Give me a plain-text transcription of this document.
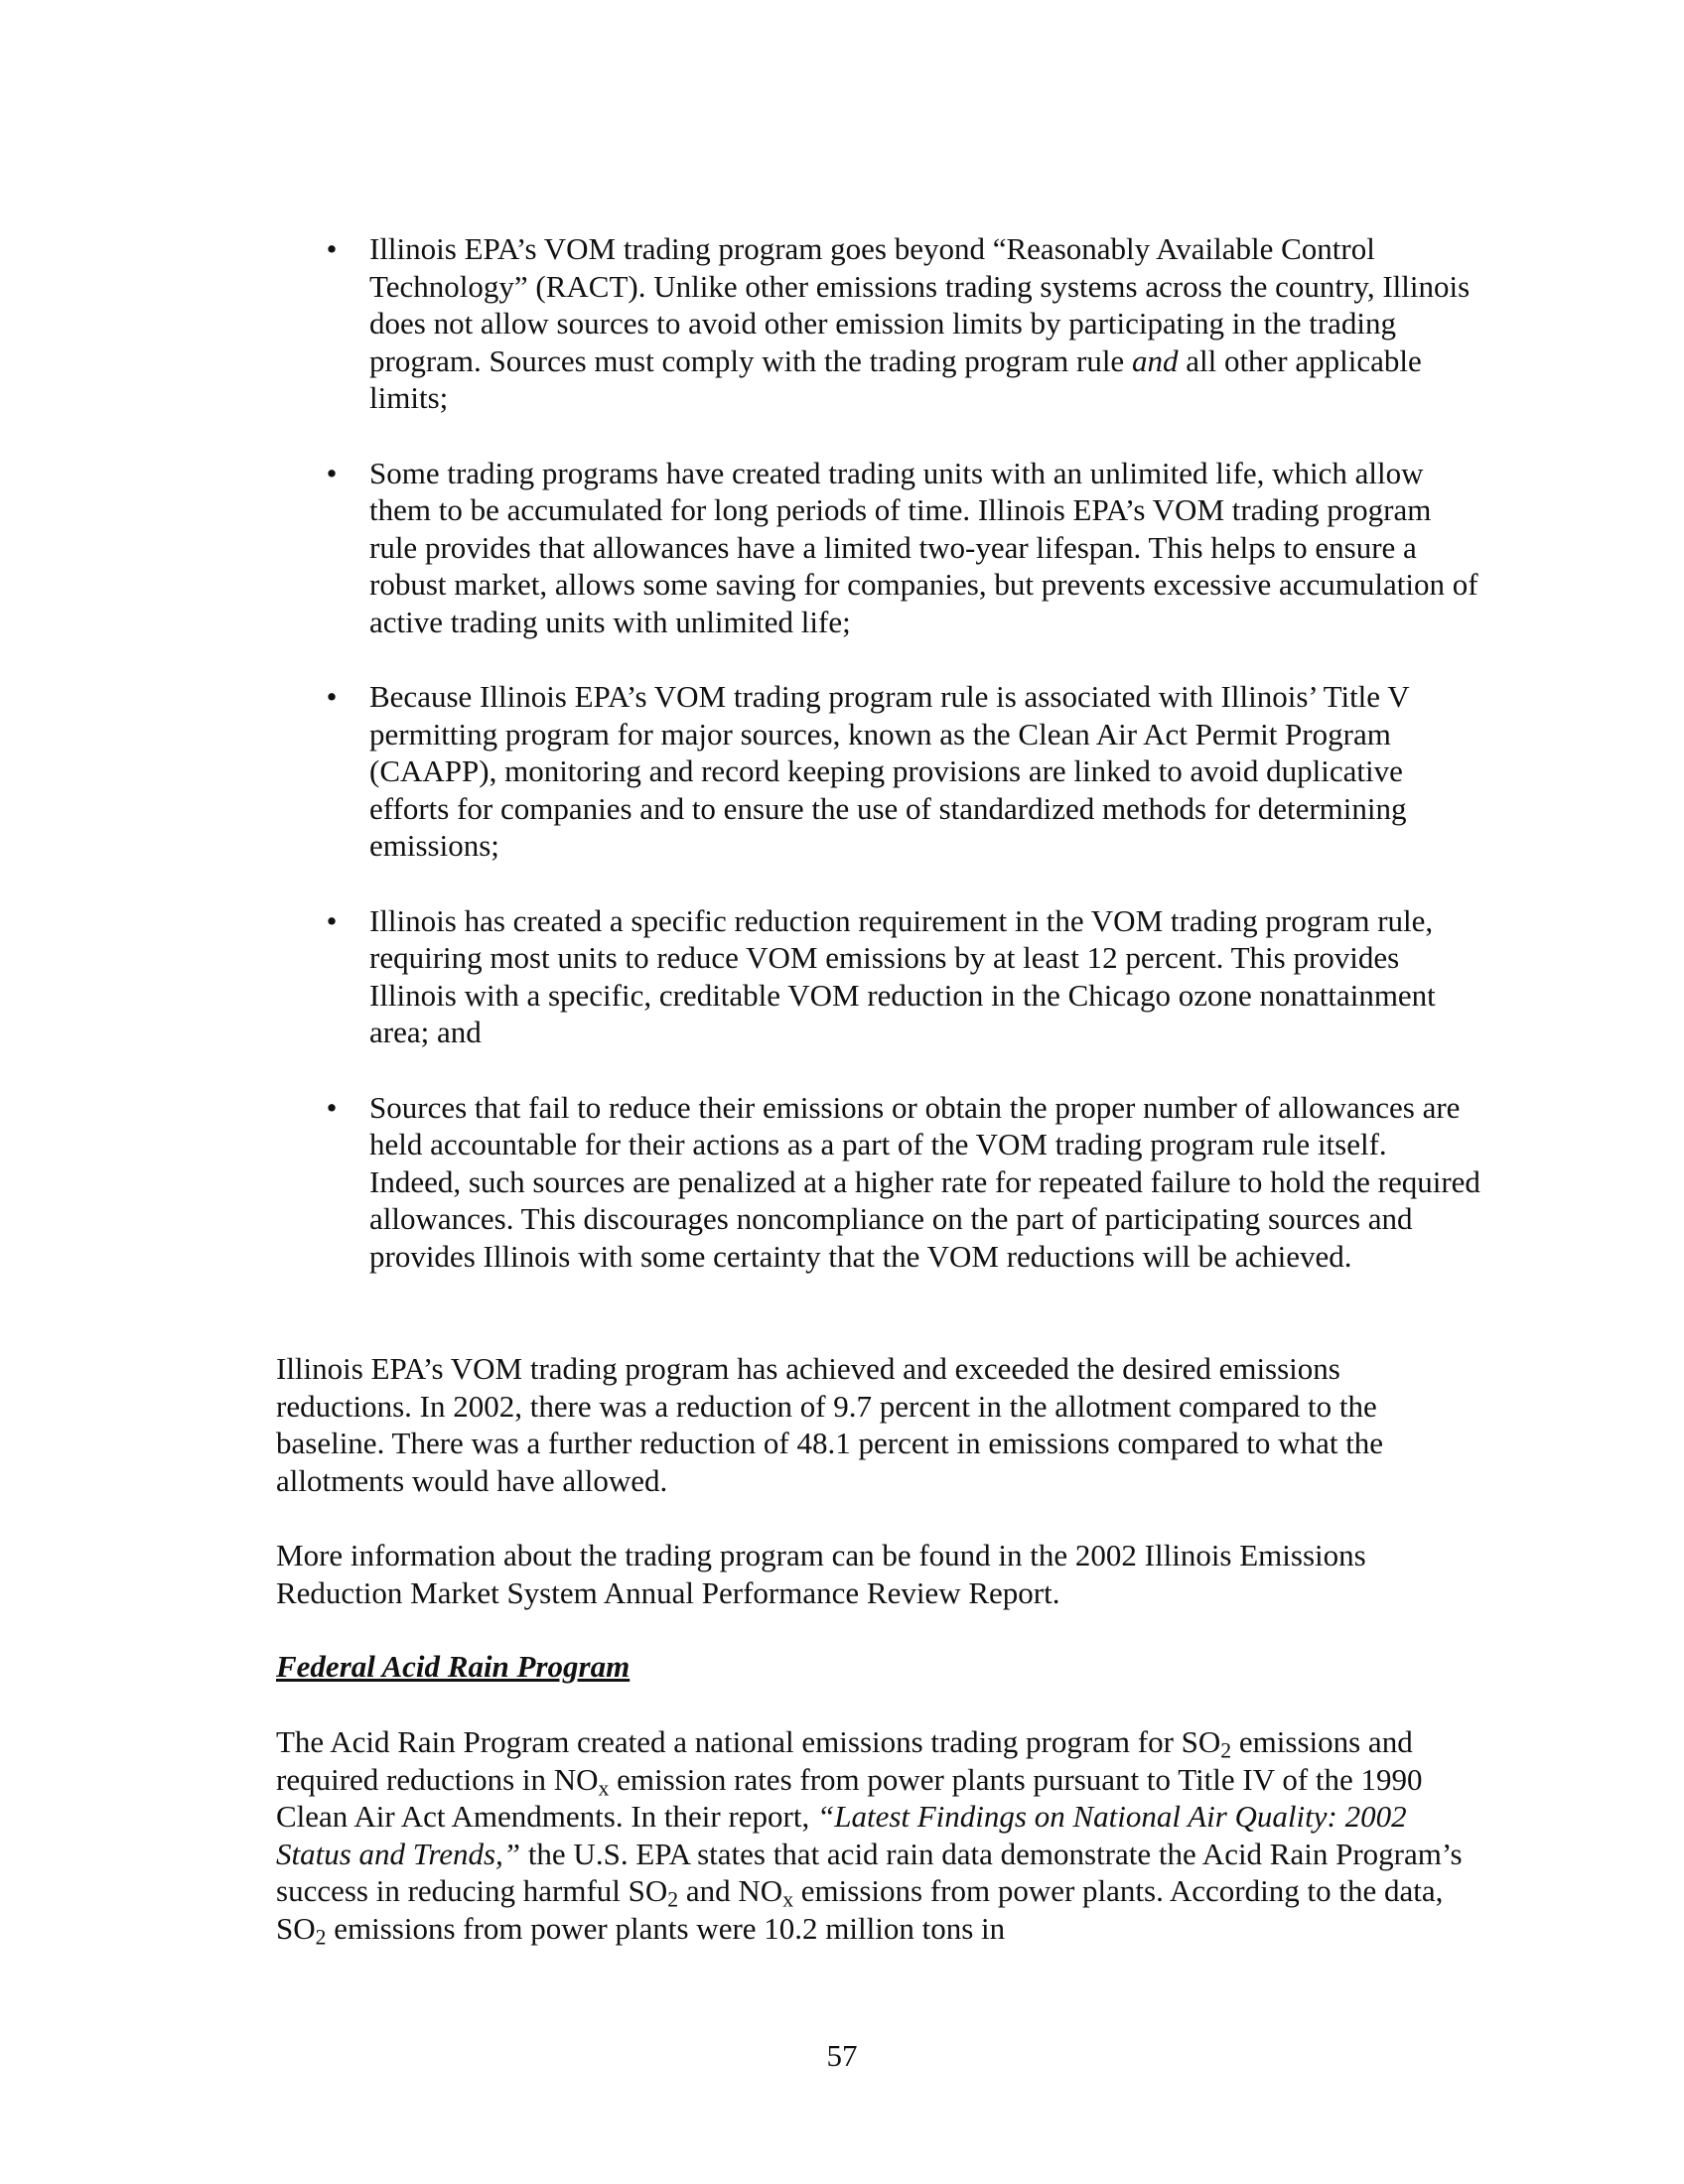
• Illinois EPA’s VOM trading program goes beyond “Reasonably Available Control Technology” (RACT). Unlike other emissions trading systems across the country, Illinois does not allow sources to avoid other emission limits by participating in the trading program. Sources must comply with the trading program rule and all other applicable limits;
• Some trading programs have created trading units with an unlimited life, which allow them to be accumulated for long periods of time. Illinois EPA’s VOM trading program rule provides that allowances have a limited two-year lifespan. This helps to ensure a robust market, allows some saving for companies, but prevents excessive accumulation of active trading units with unlimited life;
• Because Illinois EPA’s VOM trading program rule is associated with Illinois’ Title V permitting program for major sources, known as the Clean Air Act Permit Program (CAAPP), monitoring and record keeping provisions are linked to avoid duplicative efforts for companies and to ensure the use of standardized methods for determining emissions;
• Illinois has created a specific reduction requirement in the VOM trading program rule, requiring most units to reduce VOM emissions by at least 12 percent. This provides Illinois with a specific, creditable VOM reduction in the Chicago ozone nonattainment area; and
• Sources that fail to reduce their emissions or obtain the proper number of allowances are held accountable for their actions as a part of the VOM trading program rule itself. Indeed, such sources are penalized at a higher rate for repeated failure to hold the required allowances. This discourages noncompliance on the part of participating sources and provides Illinois with some certainty that the VOM reductions will be achieved.

Illinois EPA’s VOM trading program has achieved and exceeded the desired emissions reductions. In 2002, there was a reduction of 9.7 percent in the allotment compared to the baseline. There was a further reduction of 48.1 percent in emissions compared to what the allotments would have allowed.

More information about the trading program can be found in the 2002 Illinois Emissions Reduction Market System Annual Performance Review Report.

Federal Acid Rain Program

The Acid Rain Program created a national emissions trading program for $SO_2$ emissions and required reductions in $NO_x$ emission rates from power plants pursuant to Title IV of the 1990 Clean Air Act Amendments. In their report, “Latest Findings on National Air Quality: 2002 Status and Trends,” the U.S. EPA states that acid rain data demonstrate the Acid Rain Program’s success in reducing harmful $SO_2$ and $NO_x$ emissions from power plants. According to the data, $SO_2$ emissions from power plants were 10.2 million tons in

57
